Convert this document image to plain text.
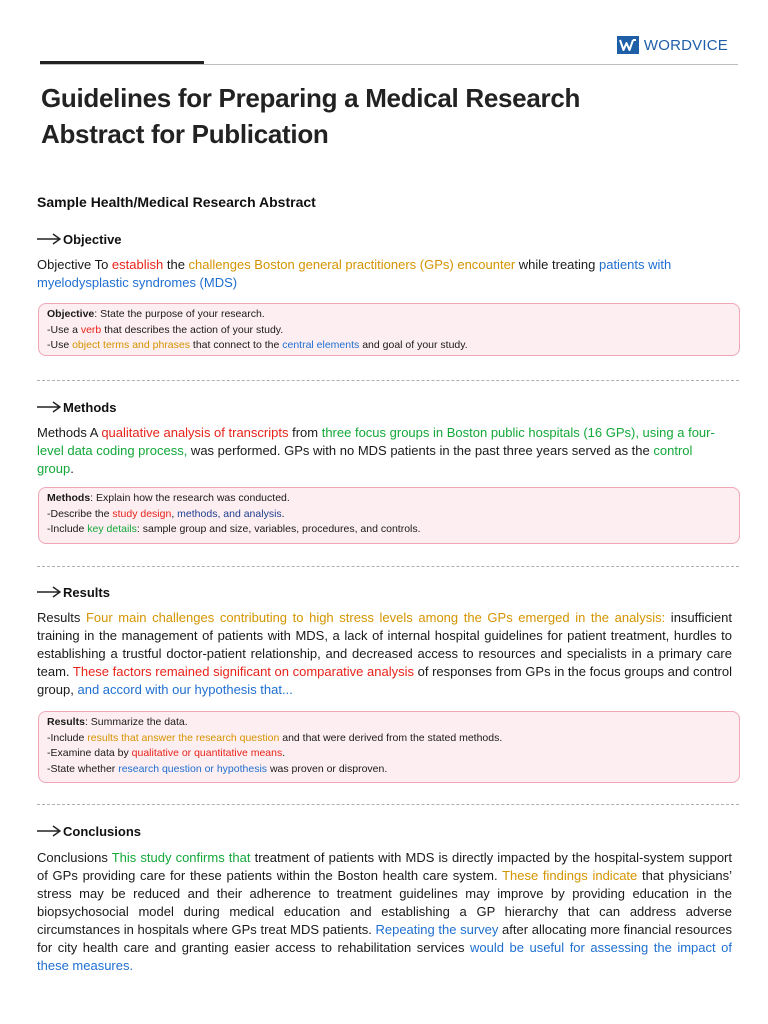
WORDVICE
Guidelines for Preparing a Medical Research
Abstract for Publication
Sample Health/Medical Research Abstract
Objective

Objective To establish the challenges Boston general practitioners (GPs) encounter while treating patients with myelodysplastic syndromes (MDS)

Objective: State the purpose of your research.
-Use a verb that describes the action of your study.
-Use object terms and phrases that connect to the central elements and goal of your study.
Methods

Methods A qualitative analysis of transcripts from three focus groups in Boston public hospitals (16 GPs), using a four-level data coding process, was performed. GPs with no MDS patients in the past three years served as the control group.

Methods: Explain how the research was conducted.
-Describe the study design, methods, and analysis.
-Include key details: sample group and size, variables, procedures, and controls.
Results

Results Four main challenges contributing to high stress levels among the GPs emerged in the analysis: insufficient training in the management of patients with MDS, a lack of internal hospital guidelines for patient treatment, hurdles to establishing a trustful doctor-patient relationship, and decreased access to resources and specialists in a primary care team. These factors remained significant on comparative analysis of responses from GPs in the focus groups and control group, and accord with our hypothesis that...

Results: Summarize the data.
-Include results that answer the research question and that were derived from the stated methods.
-Examine data by qualitative or quantitative means.
-State whether research question or hypothesis was proven or disproven.
Conclusions

Conclusions This study confirms that treatment of patients with MDS is directly impacted by the hospital-system support of GPs providing care for these patients within the Boston health care system. These findings indicate that physicians’ stress may be reduced and their adherence to treatment guidelines may improve by providing education in the biopsychosocial model during medical education and establishing a GP hierarchy that can address adverse circumstances in hospitals where GPs treat MDS patients. Repeating the survey after allocating more financial resources for city health care and granting easier access to rehabilitation services would be useful for assessing the impact of these measures.
